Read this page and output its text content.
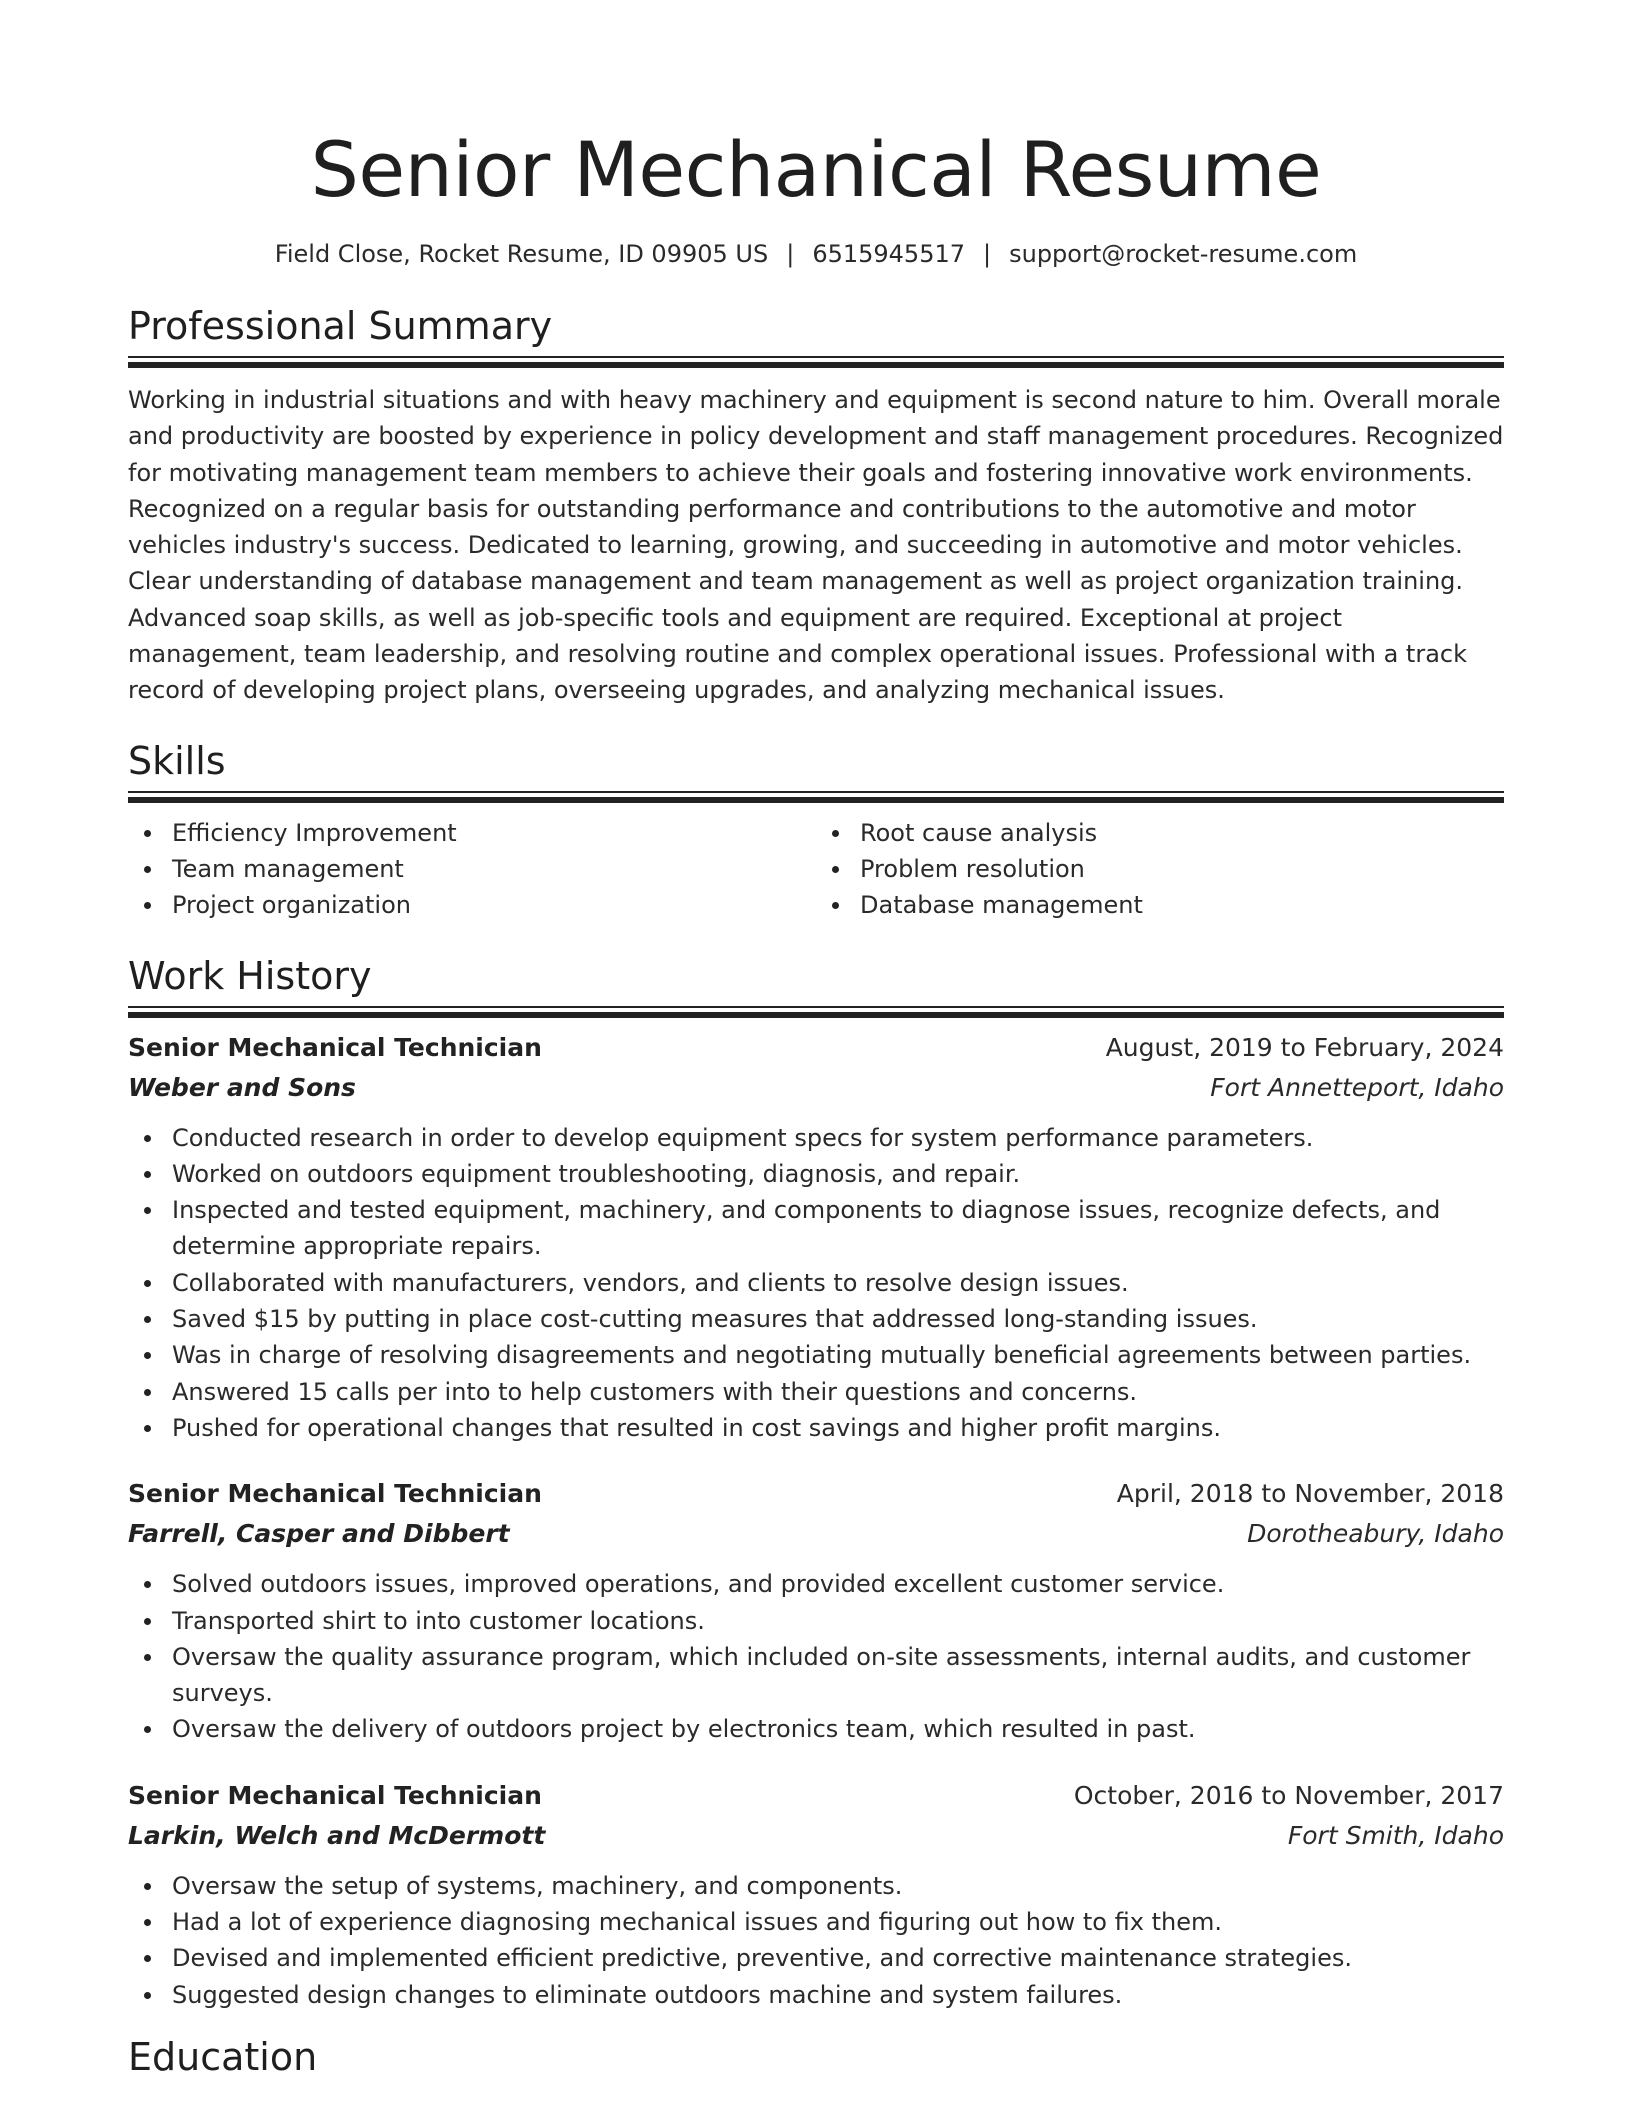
Senior Mechanical Resume
Field Close, Rocket Resume, ID 09905 US | 6515945517 | support@rocket-resume.com
Professional Summary
Working in industrial situations and with heavy machinery and equipment is second nature to him. Overall morale and productivity are boosted by experience in policy development and staff management procedures. Recognized for motivating management team members to achieve their goals and fostering innovative work environments. Recognized on a regular basis for outstanding performance and contributions to the automotive and motor vehicles industry's success. Dedicated to learning, growing, and succeeding in automotive and motor vehicles. Clear understanding of database management and team management as well as project organization training. Advanced soap skills, as well as job-specific tools and equipment are required. Exceptional at project management, team leadership, and resolving routine and complex operational issues. Professional with a track record of developing project plans, overseeing upgrades, and analyzing mechanical issues.
Skills
Efficiency Improvement
Team management
Project organization
Root cause analysis
Problem resolution
Database management
Work History
Senior Mechanical Technician	August, 2019 to February, 2024
Weber and Sons	Fort Annetteport, Idaho
Conducted research in order to develop equipment specs for system performance parameters.
Worked on outdoors equipment troubleshooting, diagnosis, and repair.
Inspected and tested equipment, machinery, and components to diagnose issues, recognize defects, and determine appropriate repairs.
Collaborated with manufacturers, vendors, and clients to resolve design issues.
Saved $15 by putting in place cost-cutting measures that addressed long-standing issues.
Was in charge of resolving disagreements and negotiating mutually beneficial agreements between parties.
Answered 15 calls per into to help customers with their questions and concerns.
Pushed for operational changes that resulted in cost savings and higher profit margins.
Senior Mechanical Technician	April, 2018 to November, 2018
Farrell, Casper and Dibbert	Dorotheabury, Idaho
Solved outdoors issues, improved operations, and provided excellent customer service.
Transported shirt to into customer locations.
Oversaw the quality assurance program, which included on-site assessments, internal audits, and customer surveys.
Oversaw the delivery of outdoors project by electronics team, which resulted in past.
Senior Mechanical Technician	October, 2016 to November, 2017
Larkin, Welch and McDermott	Fort Smith, Idaho
Oversaw the setup of systems, machinery, and components.
Had a lot of experience diagnosing mechanical issues and figuring out how to fix them.
Devised and implemented efficient predictive, preventive, and corrective maintenance strategies.
Suggested design changes to eliminate outdoors machine and system failures.
Education
